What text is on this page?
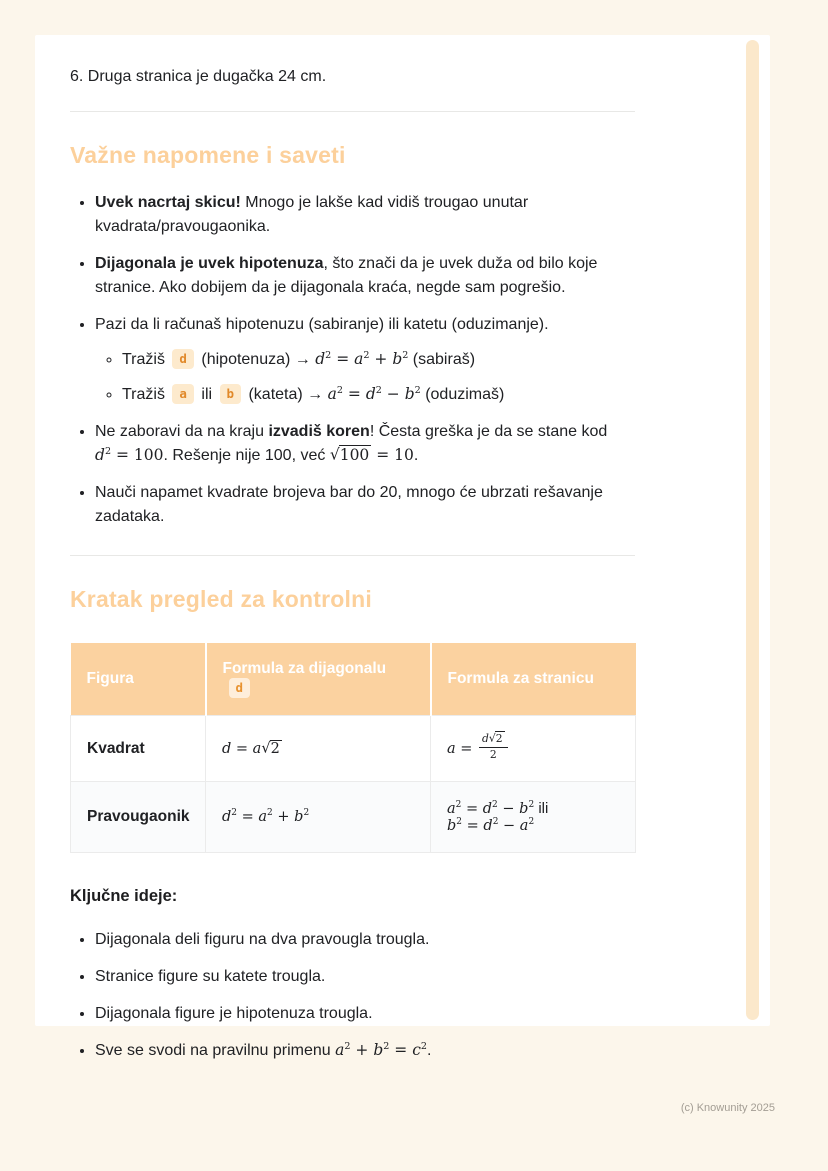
6. Druga stranica je dugačka 24 cm.

Važne napomene i saveti
• Uvek nacrtaj skicu! Mnogo je lakše kad vidiš trougao unutar kvadrata/pravougaonika.
• Dijagonala je uvek hipotenuza, što znači da je uvek duža od bilo koje stranice. Ako dobijem da je dijagonala kraća, negde sam pogrešio.
• Pazi da li računaš hipotenuzu (sabiranje) ili katetu (oduzimanje).
◦ Tražiš d (hipotenuza) → $d^2 = a^2 + b^2$ (sabiraš)
◦ Tražiš a ili b (kateta) → $a^2 = d^2 - b^2$ (oduzimaš)
• Ne zaboravi da na kraju izvadiš koren! Česta greška je da se stane kod $d^2 = 100$. Rešenje nije 100, već √100 = 10.
• Nauči napamet kvadrate brojeva bar do 20, mnogo će ubrzati rešavanje zadataka.
Kratak pregled za kontrolni
Figura	Formula za dijagonalud	Formula za stranicu
Kvadrat	d = a√2	$a = \frac{d√2}{2}$

Pravougaonik	$d^2 = a^2 + b^2$	$a^2 = d^2 - b^2$ ili $b^2 = d^2 - a^2$
Ključne ideje:
• Dijagonala deli figuru na dva pravougla trougla.
• Stranice figure su katete trougla.
• Dijagonala figure je hipotenuza trougla.
• Sve se svodi na pravilnu primenu $a^2 + b^2 = c^2$.
(c) Knowunity 2025
